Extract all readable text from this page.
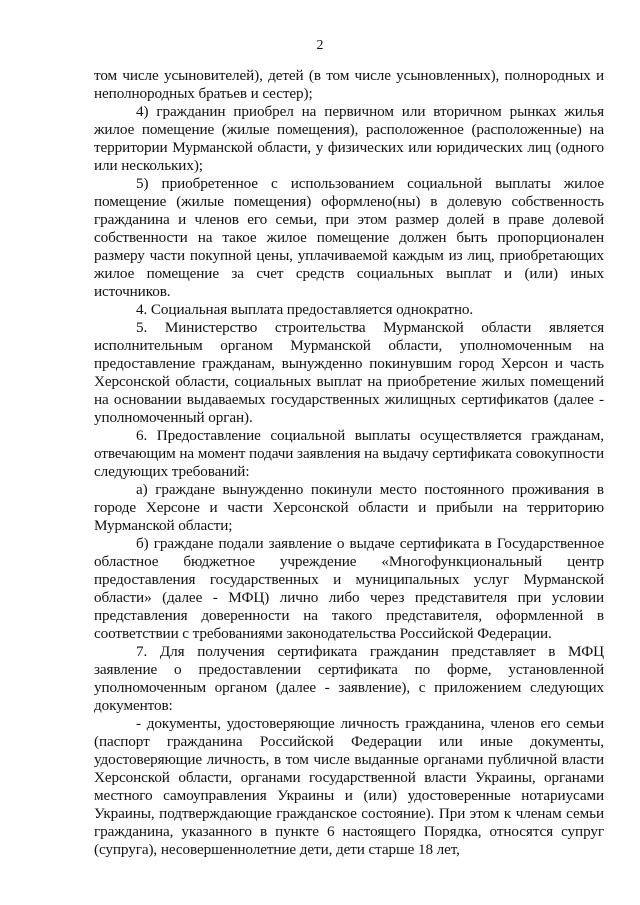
2

том числе усыновителей), детей (в том числе усыновленных), полнородных и неполнородных братьев и сестер);

4) гражданин приобрел на первичном или вторичном рынках жилья жилое помещение (жилые помещения), расположенное (расположенные) на территории Мурманской области, у физических или юридических лиц (одного или нескольких);

5) приобретенное с использованием социальной выплаты жилое помещение (жилые помещения) оформлено(ны) в долевую собственность гражданина и членов его семьи, при этом размер долей в праве долевой собственности на такое жилое помещение должен быть пропорционален размеру части покупной цены, уплачиваемой каждым из лиц, приобретающих жилое помещение за счет средств социальных выплат и (или) иных источников.

4. Социальная выплата предоставляется однократно.

5. Министерство строительства Мурманской области является исполнительным органом Мурманской области, уполномоченным на предоставление гражданам, вынужденно покинувшим город Херсон и часть Херсонской области, социальных выплат на приобретение жилых помещений на основании выдаваемых государственных жилищных сертификатов (далее - уполномоченный орган).

6. Предоставление социальной выплаты осуществляется гражданам, отвечающим на момент подачи заявления на выдачу сертификата совокупности следующих требований:

а) граждане вынужденно покинули место постоянного проживания в городе Херсоне и части Херсонской области и прибыли на территорию Мурманской области;

б) граждане подали заявление о выдаче сертификата в Государственное областное бюджетное учреждение «Многофункциональный центр предоставления государственных и муниципальных услуг Мурманской области» (далее - МФЦ) лично либо через представителя при условии представления доверенности на такого представителя, оформленной в соответствии с требованиями законодательства Российской Федерации.

7. Для получения сертификата гражданин представляет в МФЦ заявление о предоставлении сертификата по форме, установленной уполномоченным органом (далее - заявление), с приложением следующих документов:

- документы, удостоверяющие личность гражданина, членов его семьи (паспорт гражданина Российской Федерации или иные документы, удостоверяющие личность, в том числе выданные органами публичной власти Херсонской области, органами государственной власти Украины, органами местного самоуправления Украины и (или) удостоверенные нотариусами Украины, подтверждающие гражданское состояние). При этом к членам семьи гражданина, указанного в пункте 6 настоящего Порядка, относятся супруг (супруга), несовершеннолетние дети, дети старше 18 лет,
